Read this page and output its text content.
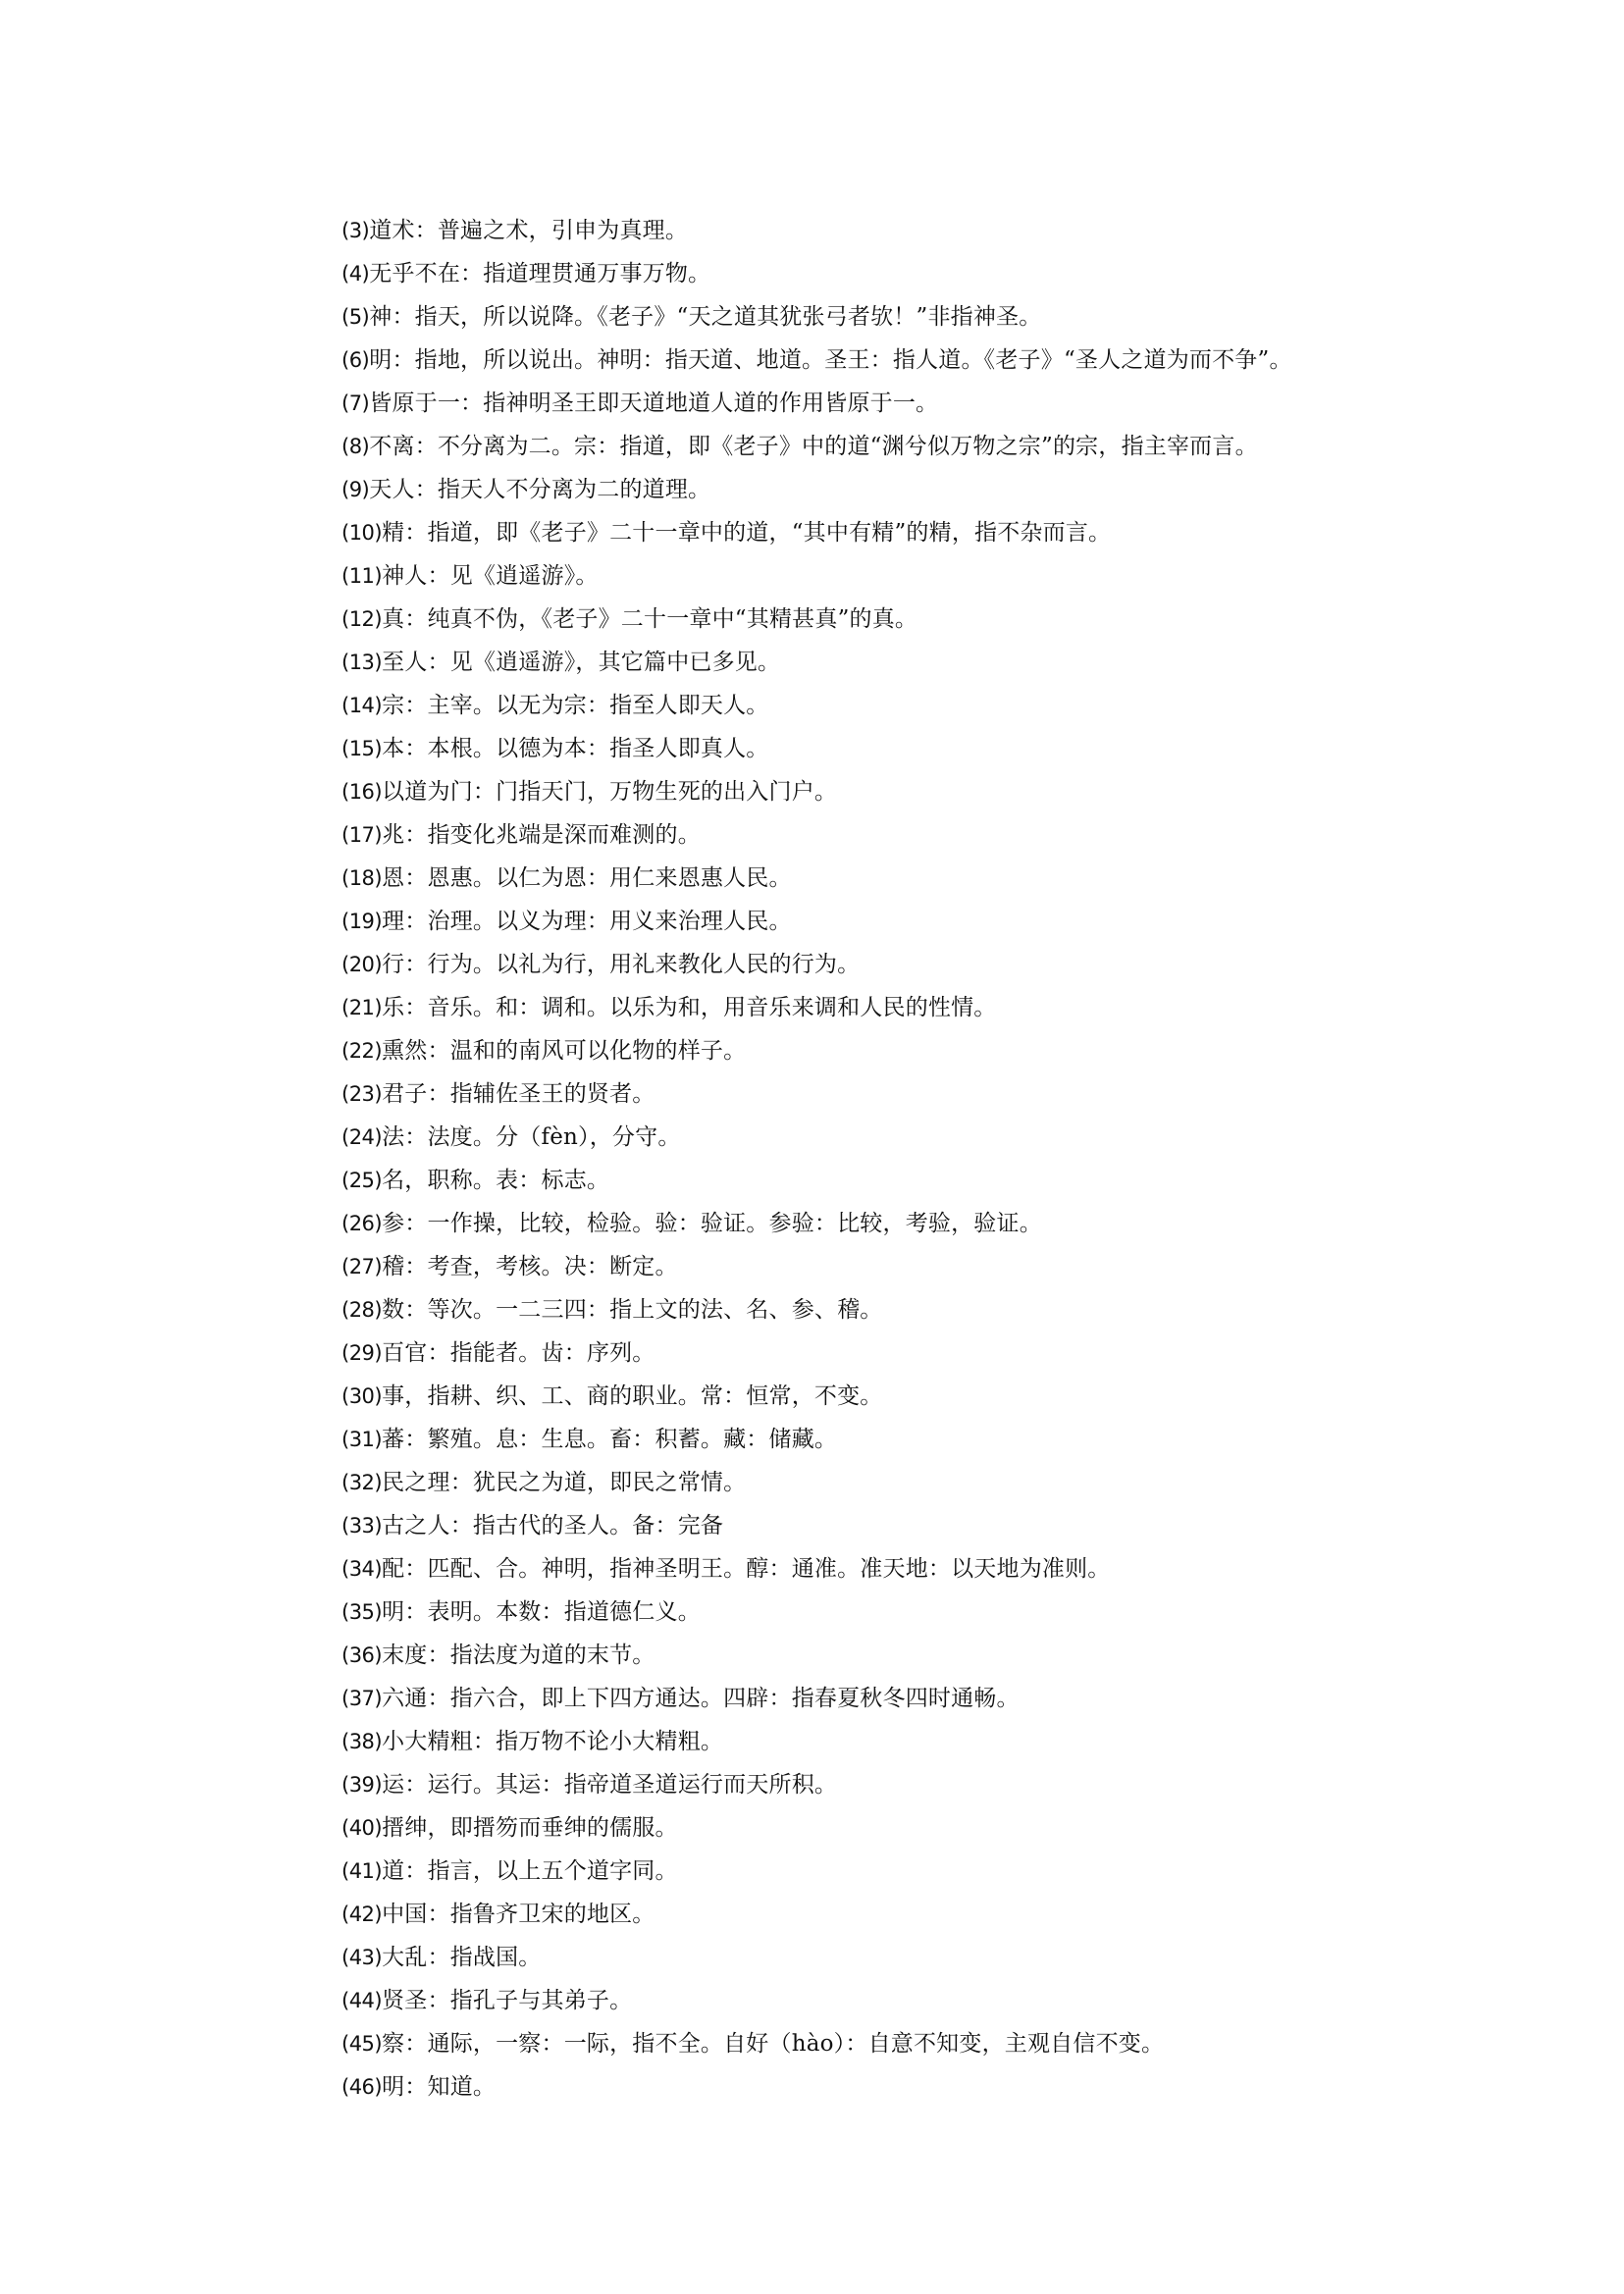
(3)道术：普遍之术，引申为真理。
(4)无乎不在：指道理贯通万事万物。
(5)神：指天，所以说降。《老子》“天之道其犹张弓者欤！”非指神圣。
(6)明：指地，所以说出。神明：指天道、地道。圣王：指人道。《老子》“圣人之道为而不争”。
(7)皆原于一：指神明圣王即天道地道人道的作用皆原于一。
(8)不离：不分离为二。宗：指道，即《老子》中的道“渊兮似万物之宗”的宗，指主宰而言。
(9)天人：指天人不分离为二的道理。
(10)精：指道，即《老子》二十一章中的道，“其中有精”的精，指不杂而言。
(11)神人：见《逍遥游》。
(12)真：纯真不伪，《老子》二十一章中“其精甚真”的真。
(13)至人：见《逍遥游》，其它篇中已多见。
(14)宗：主宰。以无为宗：指至人即天人。
(15)本：本根。以德为本：指圣人即真人。
(16)以道为门：门指天门，万物生死的出入门户。
(17)兆：指变化兆端是深而难测的。
(18)恩：恩惠。以仁为恩：用仁来恩惠人民。
(19)理：治理。以义为理：用义来治理人民。
(20)行：行为。以礼为行，用礼来教化人民的行为。
(21)乐：音乐。和：调和。以乐为和，用音乐来调和人民的性情。
(22)熏然：温和的南风可以化物的样子。
(23)君子：指辅佐圣王的贤者。
(24)法：法度。分（fèn），分守。
(25)名，职称。表：标志。
(26)参：一作操，比较，检验。验：验证。参验：比较，考验，验证。
(27)稽：考查，考核。决：断定。
(28)数：等次。一二三四：指上文的法、名、参、稽。
(29)百官：指能者。齿：序列。
(30)事，指耕、织、工、商的职业。常：恒常，不变。
(31)蕃：繁殖。息：生息。畜：积蓄。藏：储藏。
(32)民之理：犹民之为道，即民之常情。
(33)古之人：指古代的圣人。备：完备
(34)配：匹配、合。神明，指神圣明王。醇：通准。准天地：以天地为准则。
(35)明：表明。本数：指道德仁义。
(36)末度：指法度为道的末节。
(37)六通：指六合，即上下四方通达。四辟：指春夏秋冬四时通畅。
(38)小大精粗：指万物不论小大精粗。
(39)运：运行。其运：指帝道圣道运行而天所积。
(40)搢绅，即搢笏而垂绅的儒服。
(41)道：指言，以上五个道字同。
(42)中国：指鲁齐卫宋的地区。
(43)大乱：指战国。
(44)贤圣：指孔子与其弟子。
(45)察：通际，一察：一际，指不全。自好（hào）：自意不知变，主观自信不变。
(46)明：知道。
